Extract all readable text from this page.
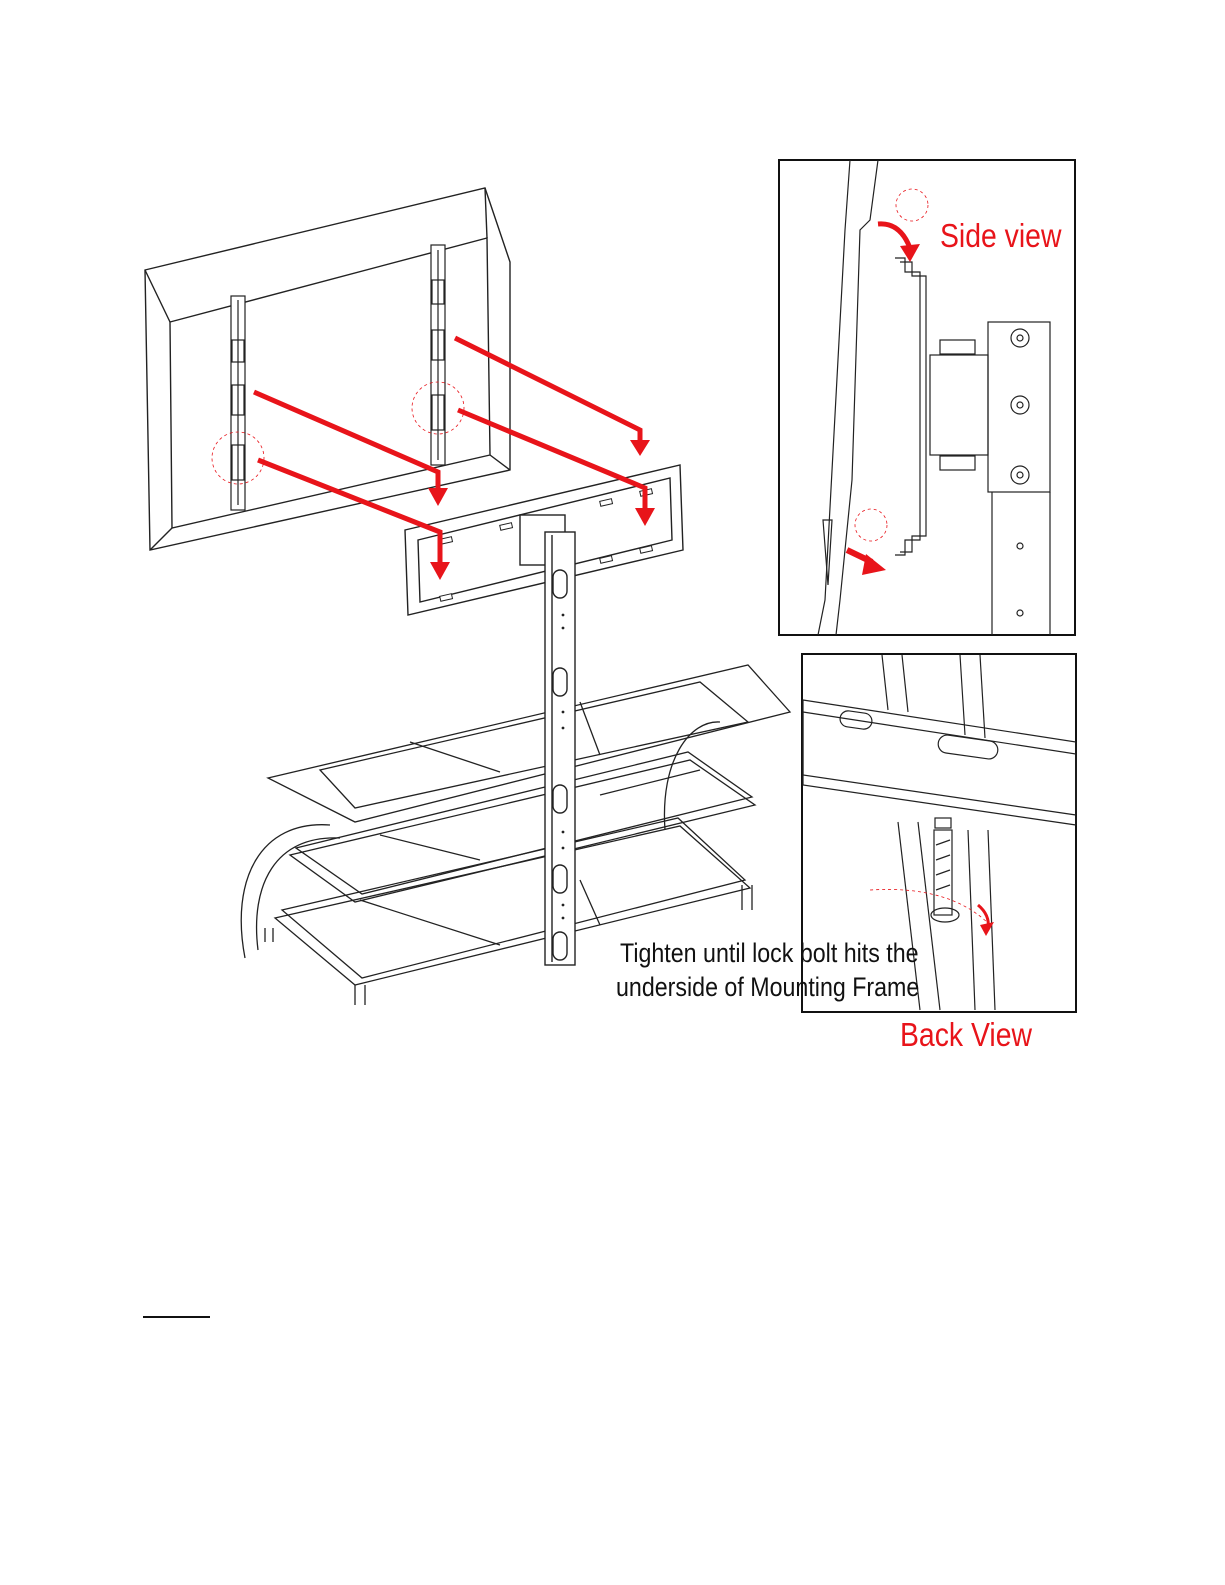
Side view
Tighten until lock bolt hits the
underside of Mounting Frame
Back View
